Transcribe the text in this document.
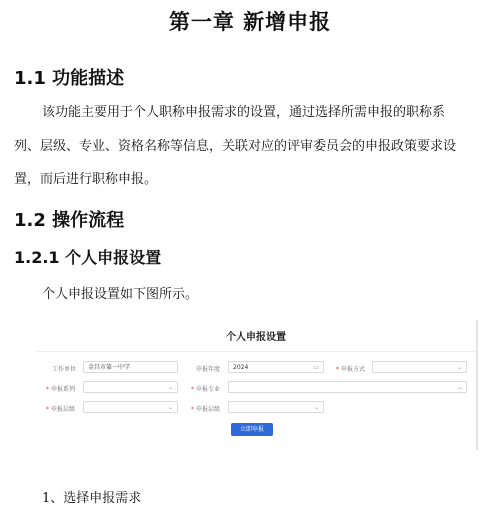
第一章 新增申报
1.1 功能描述
该功能主要用于个人职称申报需求的设置，通过选择所需申报的职称系
列、层级、专业、资格名称等信息，关联对应的评审委员会的申报政策要求设
置，而后进行职称申报。
1.2 操作流程
1.2.1 个人申报设置
个人申报设置如下图所示。
个人申报设置
工作单位	金昌市第一中学	申报年度	2024	▭	* 申报方式	⌄
* 申报系列	⌄	* 申报专业	⌄
* 申报层级	⌄	* 申报层级	⌄
立即申报
1、选择申报需求
